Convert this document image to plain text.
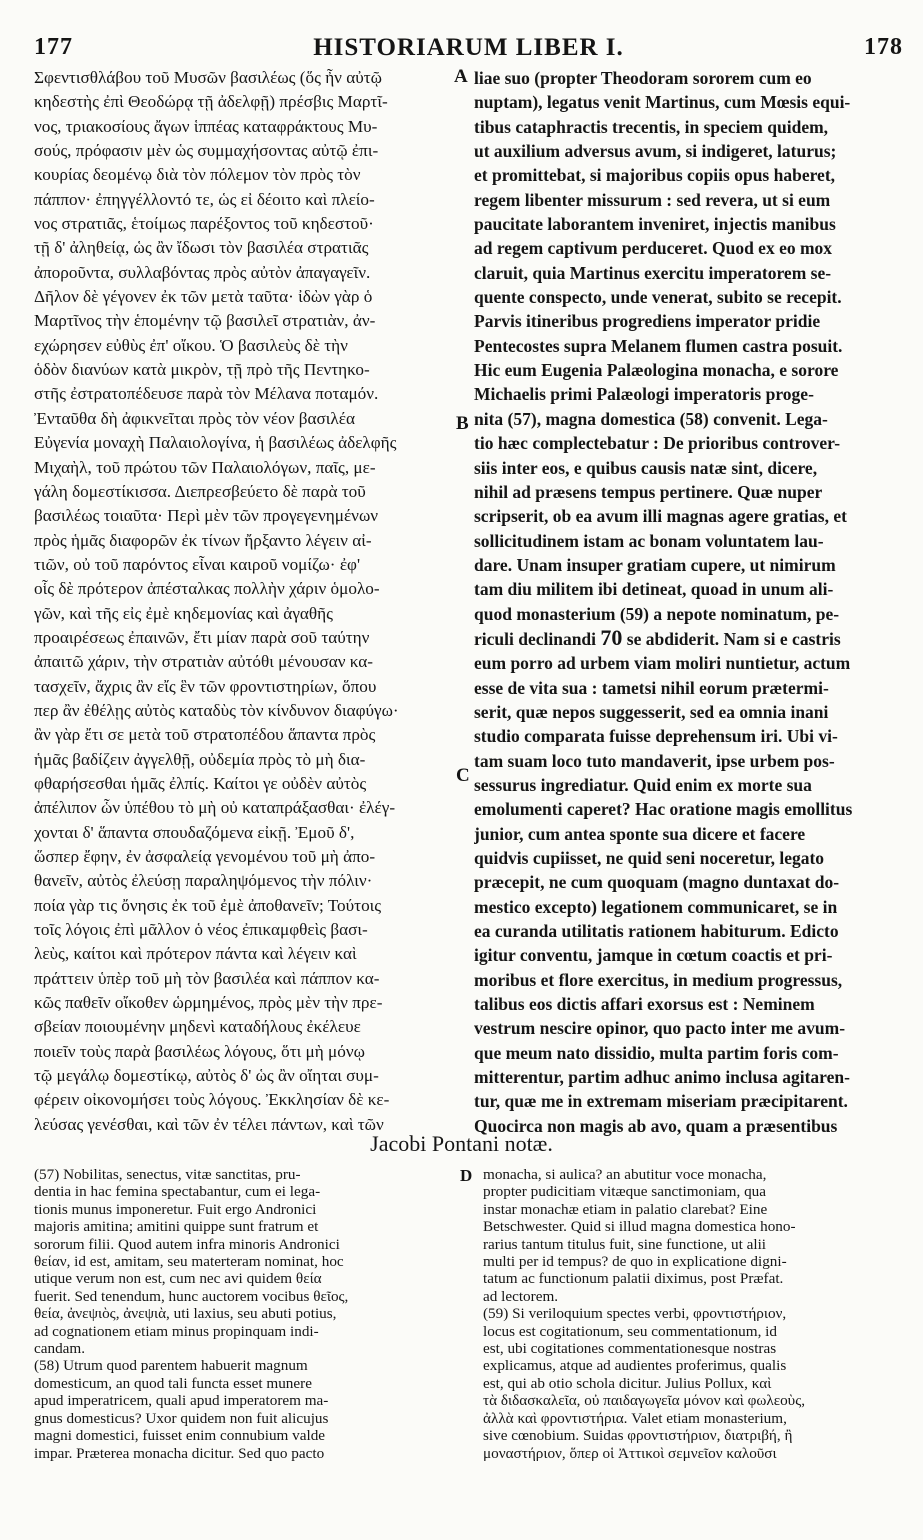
177	HISTORIARUM LIBER I.	178
Σφεντισθλάβου τοῦ Μυσῶν βασιλέως (ὅς ἦν αὐτῷ
κηδεστὴς ἐπὶ Θεοδώρᾳ τῇ ἀδελφῇ) πρέσβις Μαρτῖ-
νος, τριακοσίους ἄγων ἱππέας καταφράκτους Μυ-
σούς, πρόφασιν μὲν ὡς συμμαχήσοντας αὐτῷ ἐπι-
κουρίας δεομένῳ διὰ τὸν πόλεμον τὸν πρὸς τὸν
πάππον· ἐπηγγέλλοντό τε, ὡς εἰ δέοιτο καὶ πλείο-
νος στρατιᾶς, ἑτοίμως παρέξοντος τοῦ κηδεστοῦ·
τῇ δ' ἀληθείᾳ, ὡς ἂν ἴδωσι τὸν βασιλέα στρατιᾶς
ἀπορoῦντα, συλλαβόντας πρὸς αὐτὸν ἀπαγαγεῖν.
Δῆλον δὲ γέγονεν ἐκ τῶν μετὰ ταῦτα· ἰδὼν γὰρ ὁ
Μαρτῖνος τὴν ἑπομένην τῷ βασιλεῖ στρατιὰν, ἀν-
εχώρησεν εὐθὺς ἐπ' οἴκου. Ὁ βασιλεὺς δὲ τὴν
ὁδὸν διανύων κατὰ μικρὸν, τῇ πρὸ τῆς Πεντηκο-
στῆς ἐστρατοπέδευσε παρὰ τὸν Μέλανα ποταμόν.
Ἐνταῦθα δὴ ἀφικνεῖται πρὸς τὸν νέον βασιλέα
Εὐγενία μοναχὴ Παλαιολογίνα, ἡ βασιλέως ἀδελφῆς
Μιχαὴλ, τοῦ πρώτου τῶν Παλαιολόγων, παῖς, με-
γάλη δομεστίκισσα. Διεπρεσβεύετο δὲ παρὰ τοῦ
βασιλέως τοιαῦτα· Περὶ μὲν τῶν προγεγενημένων
πρὸς ἡμᾶς διαφορῶν ἐκ τίνων ἤρξαντο λέγειν αἰ-
τιῶν, οὐ τοῦ παρόντος εἶναι καιροῦ νομίζω· ἐφ'
οἷς δὲ πρότερον ἀπέσταλκας πολλὴν χάριν ὁμολο-
γῶν, καὶ τῆς εἰς ἐμὲ κηδεμονίας καὶ ἀγαθῆς
προαιρέσεως ἐπαινῶν, ἔτι μίαν παρὰ σοῦ ταύτην
ἀπαιτῶ χάριν, τὴν στρατιὰν αὐτόθι μένουσαν κα-
τασχεῖν, ἄχρις ἂν εἴς ἓν τῶν φροντιστηρίων, ὅπου
περ ἂν ἐθέλῃς αὐτὸς καταδὺς τὸν κίνδυνον διαφύγω·
ἂν γὰρ ἔτι σε μετὰ τοῦ στρατοπέδου ἅπαντα πρὸς
ἡμᾶς βαδίζειν ἀγγελθῇ, οὐδεμία πρὸς τὸ μὴ δια-
φθαρήσεσθαι ἡμᾶς ἐλπίς. Καίτοι γε οὐδὲν αὐτὸς
ἀπέλιπον ὧν ὑπέθου τὸ μὴ οὐ καταπράξασθαι· ἐλέγ-
χονται δ' ἅπαντα σπουδαζόμενα εἰκῇ. Ἐμοῦ δ',
ὥσπερ ἔφην, ἐν ἀσφαλείᾳ γενομένου τοῦ μὴ ἀπο-
θανεῖν, αὐτὸς ἐλεύσῃ παραληψόμενος τὴν πόλιν·
ποία γὰρ τις ὄνησις ἐκ τοῦ ἐμὲ ἀποθανεῖν; Τούτοις
τοῖς λόγοις ἐπὶ μᾶλλον ὁ νέος ἐπικαμφθεὶς βασι-
λεὺς, καίτοι καὶ πρότερον πάντα καὶ λέγειν καὶ
πράττειν ὑπὲρ τοῦ μὴ τὸν βασιλέα καὶ πάππον κα-
κῶς παθεῖν οἴκοθεν ὡρμημένος, πρὸς μὲν τὴν πρε-
σβείαν ποιουμένην μηδενὶ καταδήλους ἐκέλευε
ποιεῖν τοὺς παρὰ βασιλέως λόγους, ὅτι μὴ μόνῳ
τῷ μεγάλῳ δομεστίκῳ, αὐτὸς δ' ὡς ἂν οἴηται συμ-
φέρειν οἰκονομήσει τοὺς λόγους. Ἐκκλησίαν δὲ κε-
λεύσας γενέσθαι, καὶ τῶν ἐν τέλει πάντων, καὶ τῶν
liae suo (propter Theodoram sororem cum eo
nuptam), legatus venit Martinus, cum Mœsis equi-
tibus cataphractis trecentis, in speciem quidem,
ut auxilium adversus avum, si indigeret, laturus;
et promittebat, si majoribus copiis opus haberet,
regem libenter missurum : sed revera, ut si eum
paucitate laborantem inveniret, injectis manibus
ad regem captivum perduceret. Quod ex eo mox
claruit, quia Martinus exercitu imperatorem se-
quente conspecto, unde venerat, subito se recepit.
Parvis itineribus progrediens imperator pridie
Pentecostes supra Melanem flumen castra posuit.
Hic eum Eugenia Palæologina monacha, e sorore
Michaelis primi Palæologi imperatoris proge-
nita (57), magna domestica (58) convenit. Lega-
tio hæc complectebatur : De prioribus controver-
siis inter eos, e quibus causis natæ sint, dicere,
nihil ad præsens tempus pertinere. Quæ nuper
scripserit, ob ea avum illi magnas agere gratias, et
sollicitudinem istam ac bonam voluntatem lau-
dare. Unam insuper gratiam cupere, ut nimirum
tam diu militem ibi detineat, quoad in unum ali-
quod monasterium (59) a nepote nominatum, pe-
riculi declinandi 70 se abdiderit. Nam si e castris
eum porro ad urbem viam moliri nuntietur, actum
esse de vita sua : tametsi nihil eorum prætermi-
serit, quæ nepos suggesserit, sed ea omnia inani
studio comparata fuisse deprehensum iri. Ubi vi-
tam suam loco tuto mandaverit, ipse urbem pos-
sessurus ingrediatur. Quid enim ex morte sua
emolumenti caperet? Hac oratione magis emollitus
junior, cum antea sponte sua dicere et facere
quidvis cupiisset, ne quid seni noceretur, legato
præcepit, ne cum quoquam (magno duntaxat do-
mestico excepto) legationem communicaret, se in
ea curanda utilitatis rationem habiturum. Edicto
igitur conventu, jamque in cœtum coactis et pri-
moribus et flore exercitus, in medium progressus,
talibus eos dictis affari exorsus est : Neminem
vestrum nescire opinor, quo pacto inter me avum-
que meum nato dissidio, multa partim foris com-
mitterentur, partim adhuc animo inclusa agitaren-
tur, quæ me in extremam miseriam præcipitarent.
Quocirca non magis ab avo, quam a præsentibus
A
B
C
Jacobi Pontani notæ.
D
(57) Nobilitas, senectus, vitæ sanctitas, pru-
dentia in hac femina spectabantur, cum ei lega-
tionis munus imponeretur. Fuit ergo Andronici
majoris amitina; amitini quippe sunt fratrum et
sororum filii. Quod autem infra minoris Andronici
θείαν, id est, amitam, seu materteram nominat, hoc
utique verum non est, cum nec avi quidem θεία
fuerit. Sed tenendum, hunc auctorem vocibus θεῖος,
θεία, ἀνεψιὸς, ἀνεψιὰ, uti laxius, seu abuti potius,
ad cognationem etiam minus propinquam indi-
candam.
(58) Utrum quod parentem habuerit magnum
domesticum, an quod tali functa esset munere
apud imperatricem, quali apud imperatorem ma-
gnus domesticus? Uxor quidem non fuit alicujus
magni domestici, fuisset enim connubium valde
impar. Præterea monacha dicitur. Sed quo pacto
monacha, si aulica? an abutitur voce monacha,
propter pudicitiam vitæque sanctimoniam, qua
instar monachæ etiam in palatio clarebat? Eine
Betschwester. Quid si illud magna domestica hono-
rarius tantum titulus fuit, sine functione, ut alii
multi per id tempus? de quo in explicatione digni-
tatum ac functionum palatii diximus, post Præfat.
ad lectorem.
(59) Si veriloquium spectes verbi, φροντιστήριον,
locus est cogitationum, seu commentationum, id
est, ubi cogitationes commentationesque nostras
explicamus, atque ad audientes proferimus, qualis
est, qui ab otio schola dicitur. Julius Pollux, καὶ
τὰ διδασκαλεῖα, οὐ παιδαγωγεῖα μόνον καὶ φωλεοὺς,
ἀλλὰ καὶ φροντιστήρια. Valet etiam monasterium,
sive cœnobium. Suidas φροντιστήριον, διατριβή, ἢ
μοναστήριον, ὅπερ οἱ Ἀττικοὶ σεμνεῖον καλοῦσι
